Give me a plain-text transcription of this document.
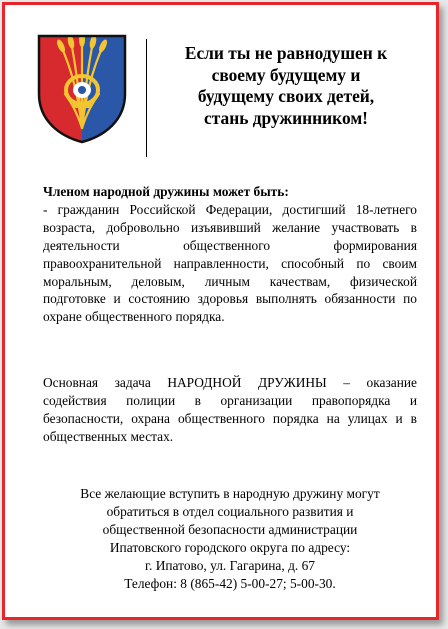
Если ты не равнодушен к
своему будущему и
будущему своих детей,
стань дружинником!
Членом народной дружины может быть:
- гражданин Российской Федерации, достигший 18-летнего возраста, добровольно изъявивший желание участвовать в деятельности общественного формирования правоохранительной направленности, способный по своим моральным, деловым, личным качествам, физической подготовке и состоянию здоровья выполнять обязанности по охране общественного порядка.
Основная задача НАРОДНОЙ ДРУЖИНЫ – оказание содействия полиции в организации правопорядка и безопасности, охрана общественного порядка на улицах и в общественных местах.
Все желающие вступить в народную дружину могут
обратиться в отдел социального развития и
общественной безопасности администрации
Ипатовского городского округа по адресу:
г. Ипатово, ул. Гагарина, д. 67
Телефон: 8 (865-42) 5-00-27; 5-00-30.
